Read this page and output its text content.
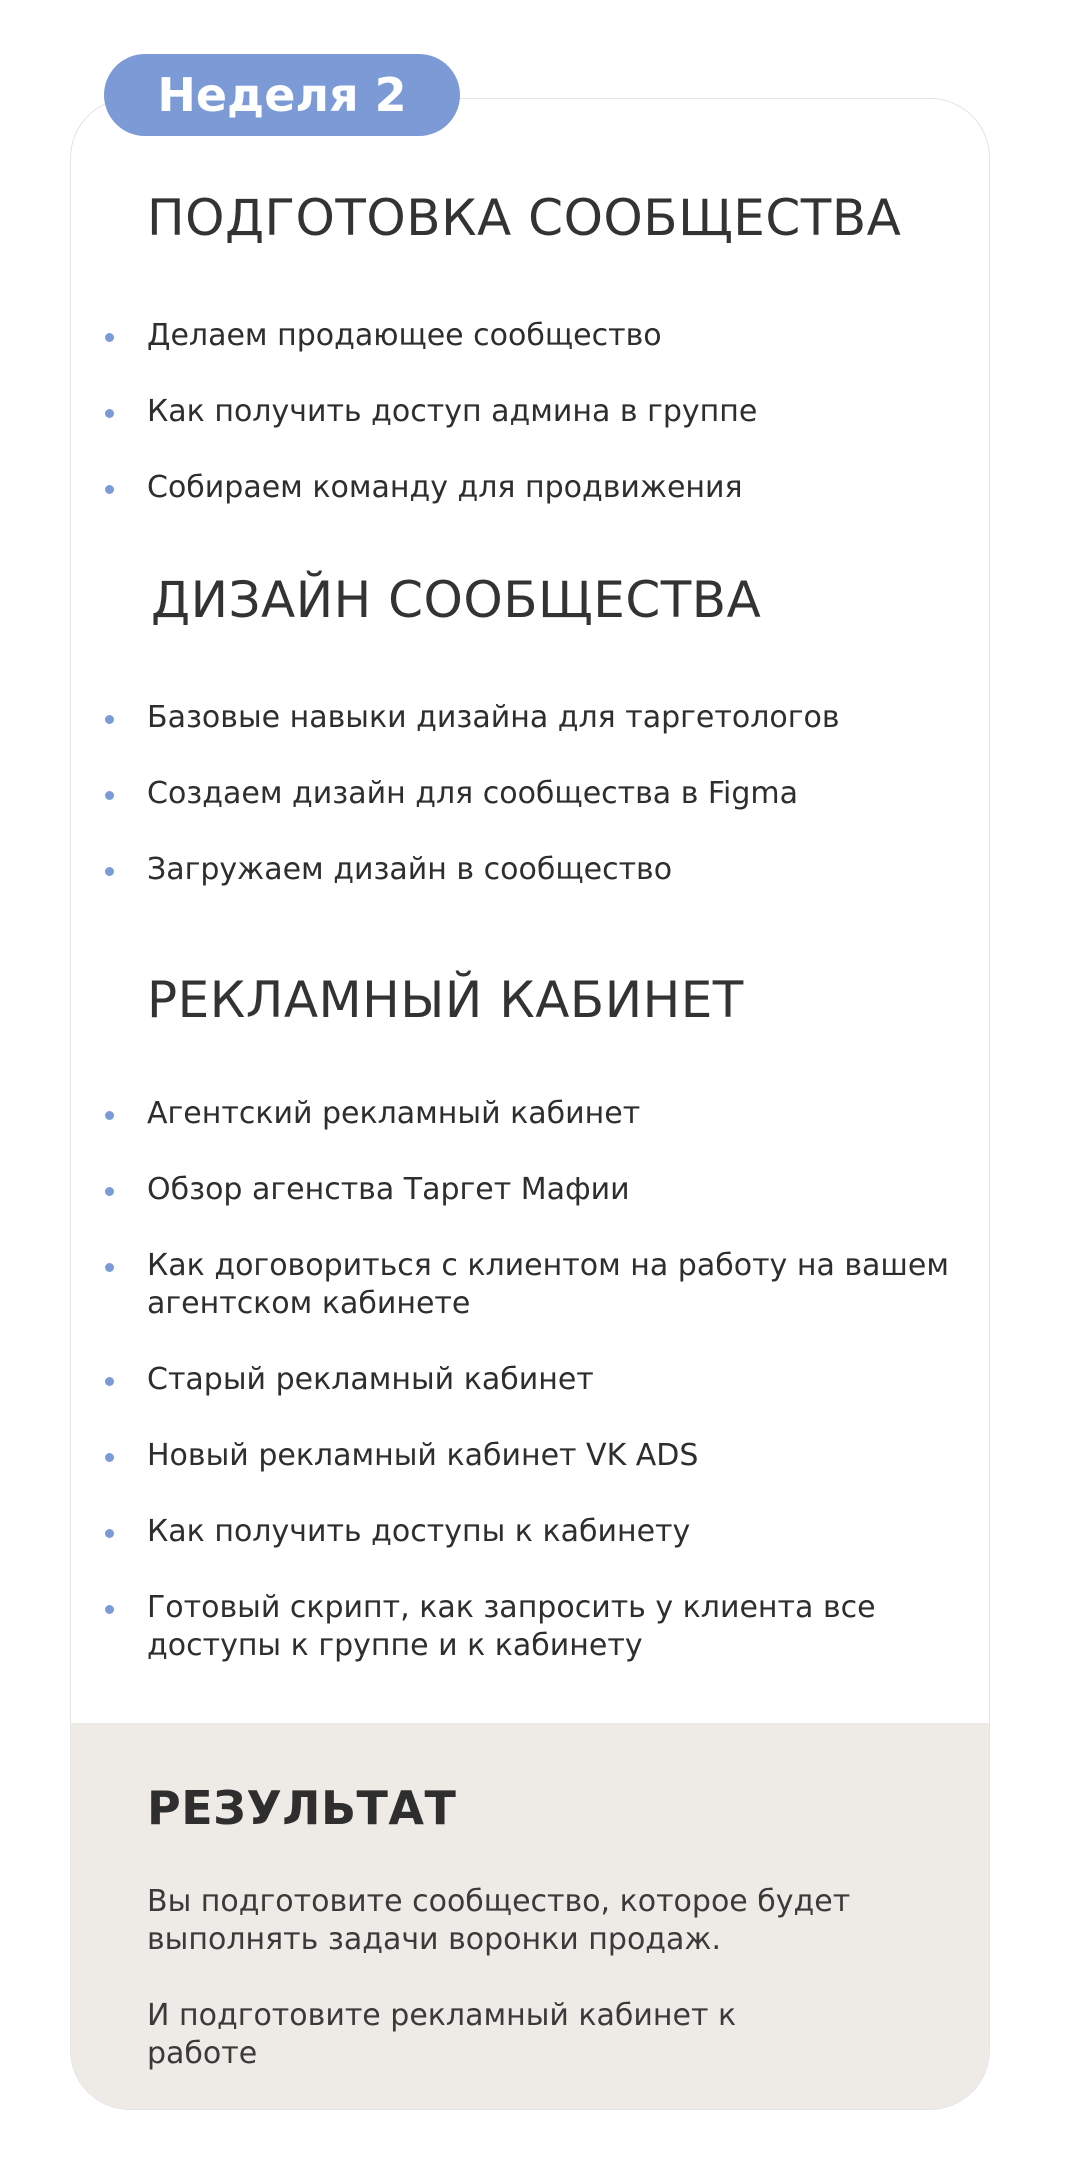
Неделя 2
ПОДГОТОВКА СООБЩЕСТВА
Делаем продающее сообщество
Как получить доступ админа в группе
Собираем команду для продвижения
ДИЗАЙН СООБЩЕСТВА
Базовые навыки дизайна для таргетологов
Создаем дизайн для сообщества в Figma
Загружаем дизайн в сообщество
РЕКЛАМНЫЙ КАБИНЕТ
Агентский рекламный кабинет
Обзор агенства Таргет Мафии
Как договориться с клиентом на работу на вашем агентском кабинете
Старый рекламный кабинет
Новый рекламный кабинет VK ADS
Как получить доступы к кабинету
Готовый скрипт, как запросить у клиента все доступы к группе и к кабинету
РЕЗУЛЬТАТ
Вы подготовите сообщество, которое будет выполнять задачи воронки продаж.
И подготовите рекламный кабинет к работе
